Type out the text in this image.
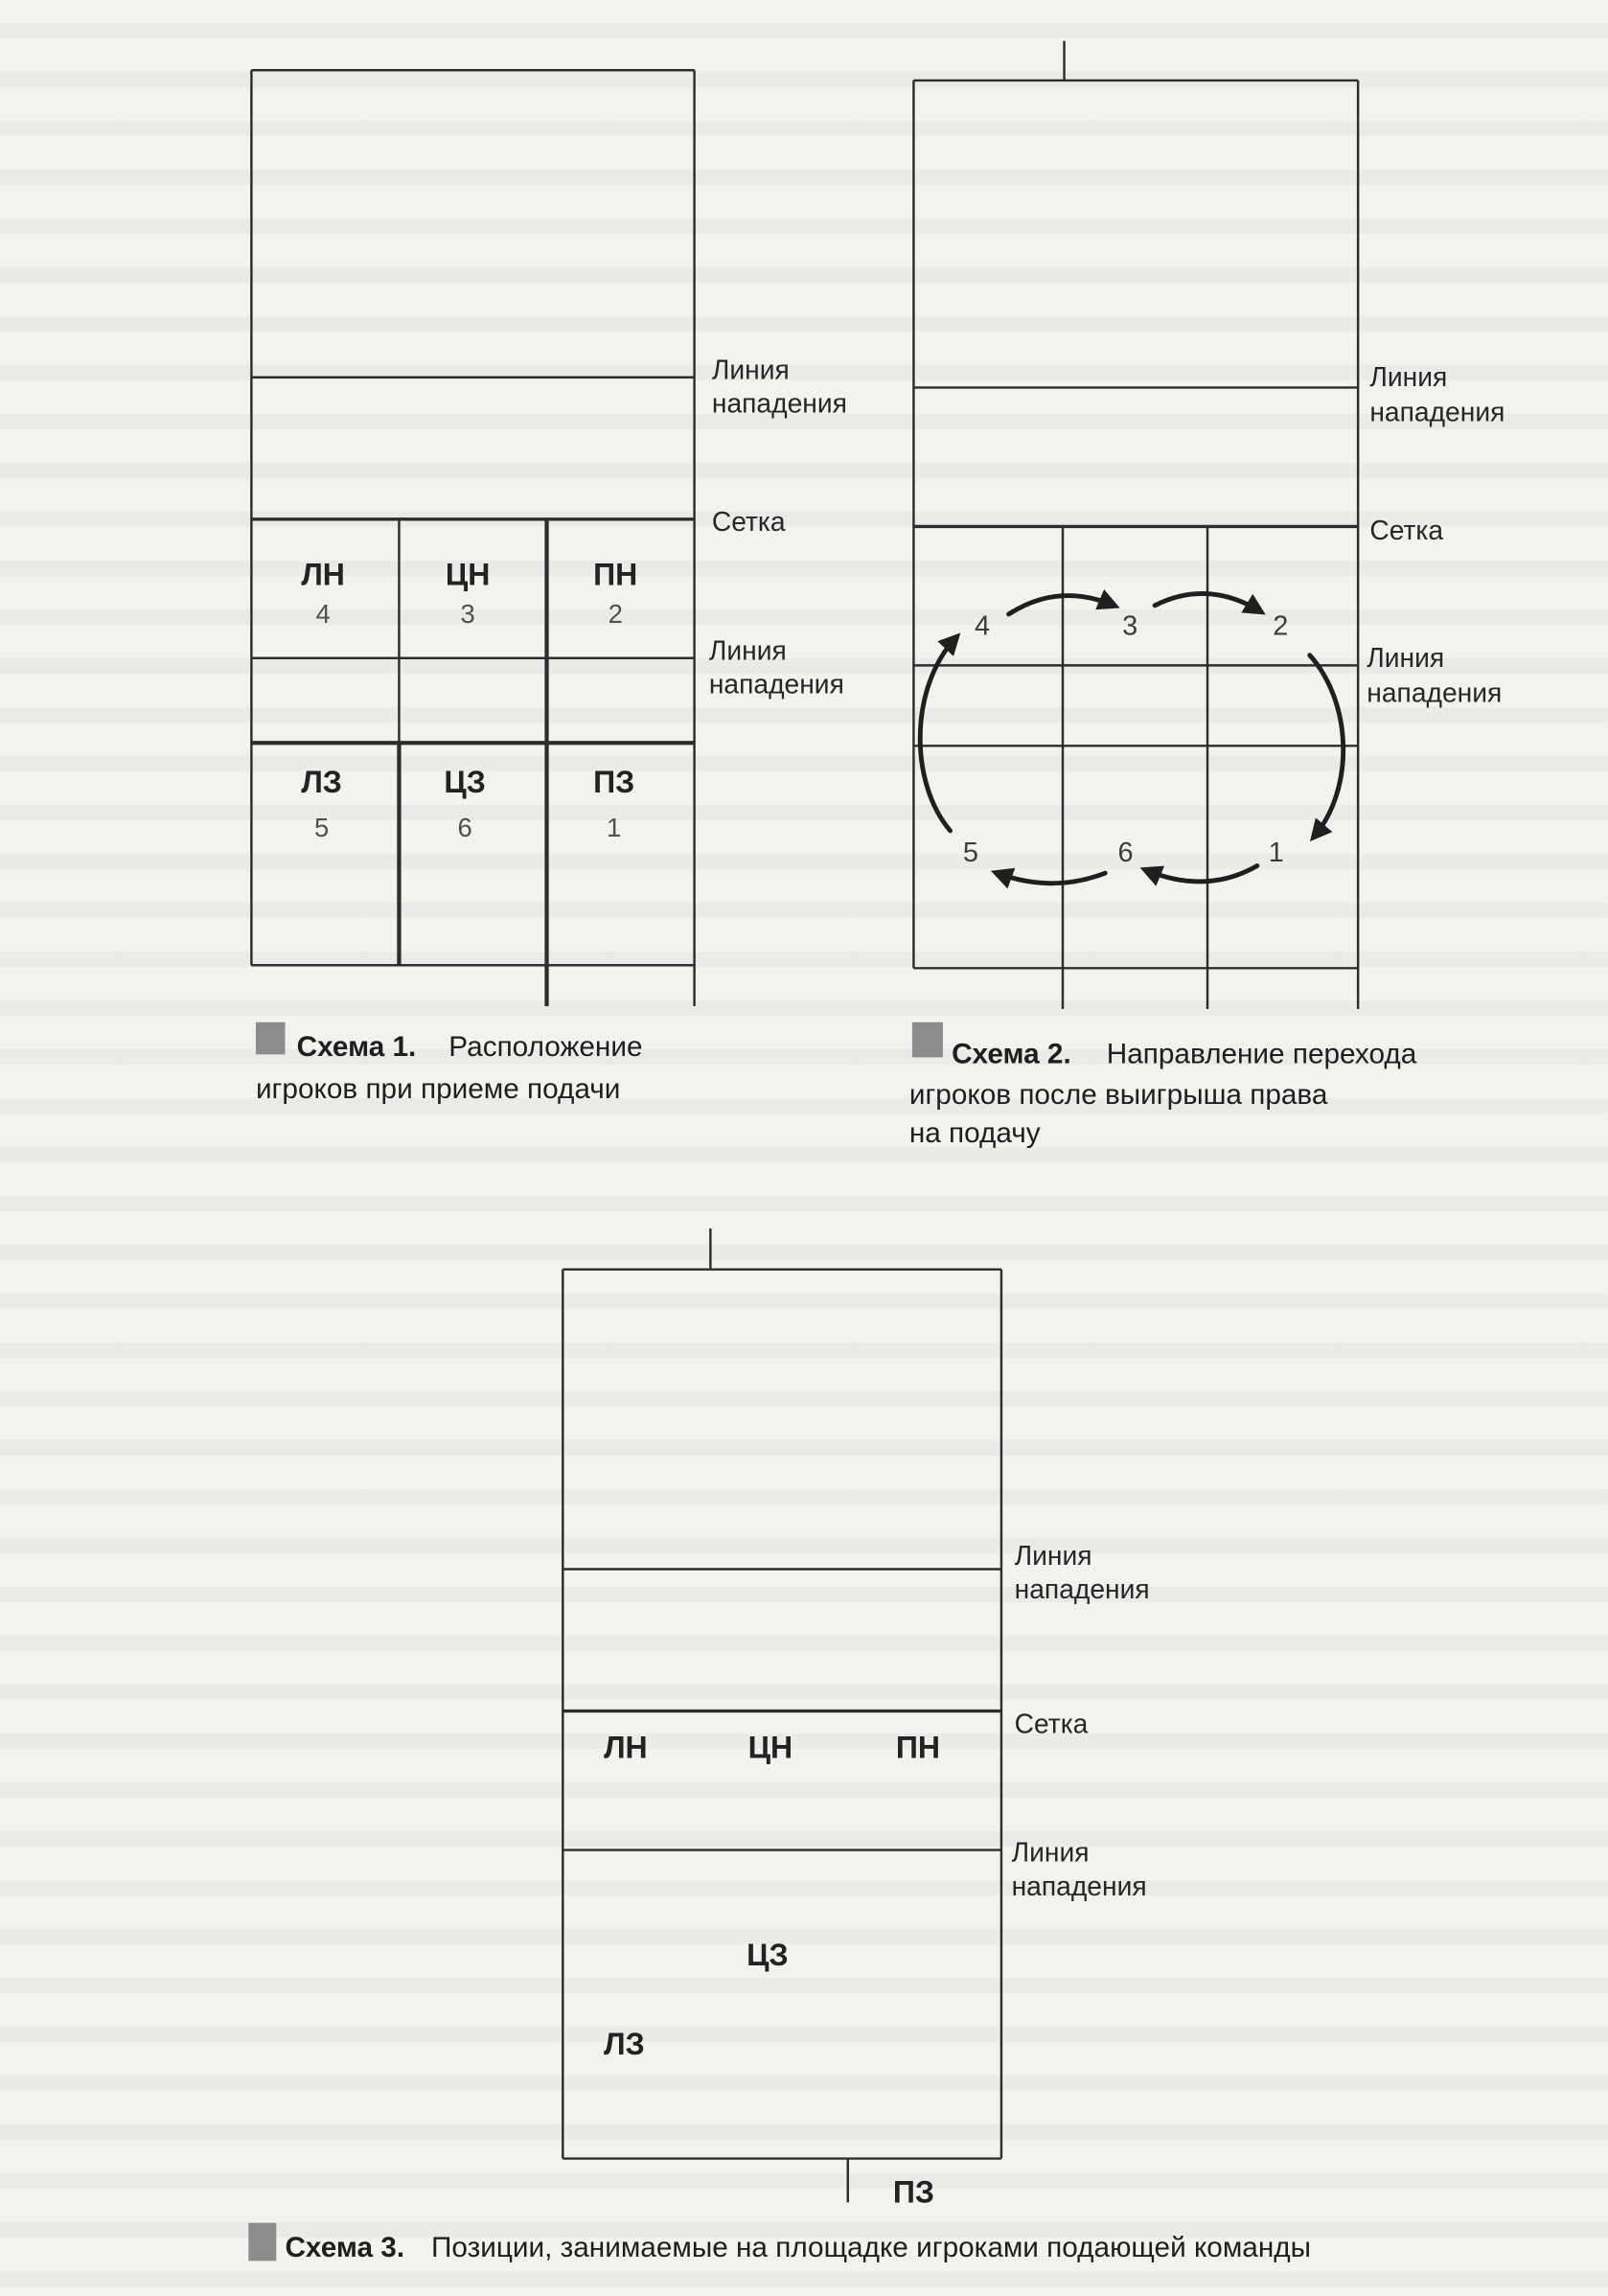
Линия
нападения
Сетка
Линия
нападения
ЛН
4
ЦН
3
ПН
2
ЛЗ
5
ЦЗ
6
ПЗ
1
Схема 1. Расположение
игроков при приеме подачи
Линия
нападения
Сетка
Линия
нападения
4	3	2
5	6	1
Схема 2. Направление перехода
игроков после выигрыша права
на подачу
Линия
нападения
Сетка
Линия
нападения
ЛН	ЦН	ПН
ЦЗ
ЛЗ
ПЗ
Схема 3. Позиции, занимаемые на площадке игроками подающей команды
